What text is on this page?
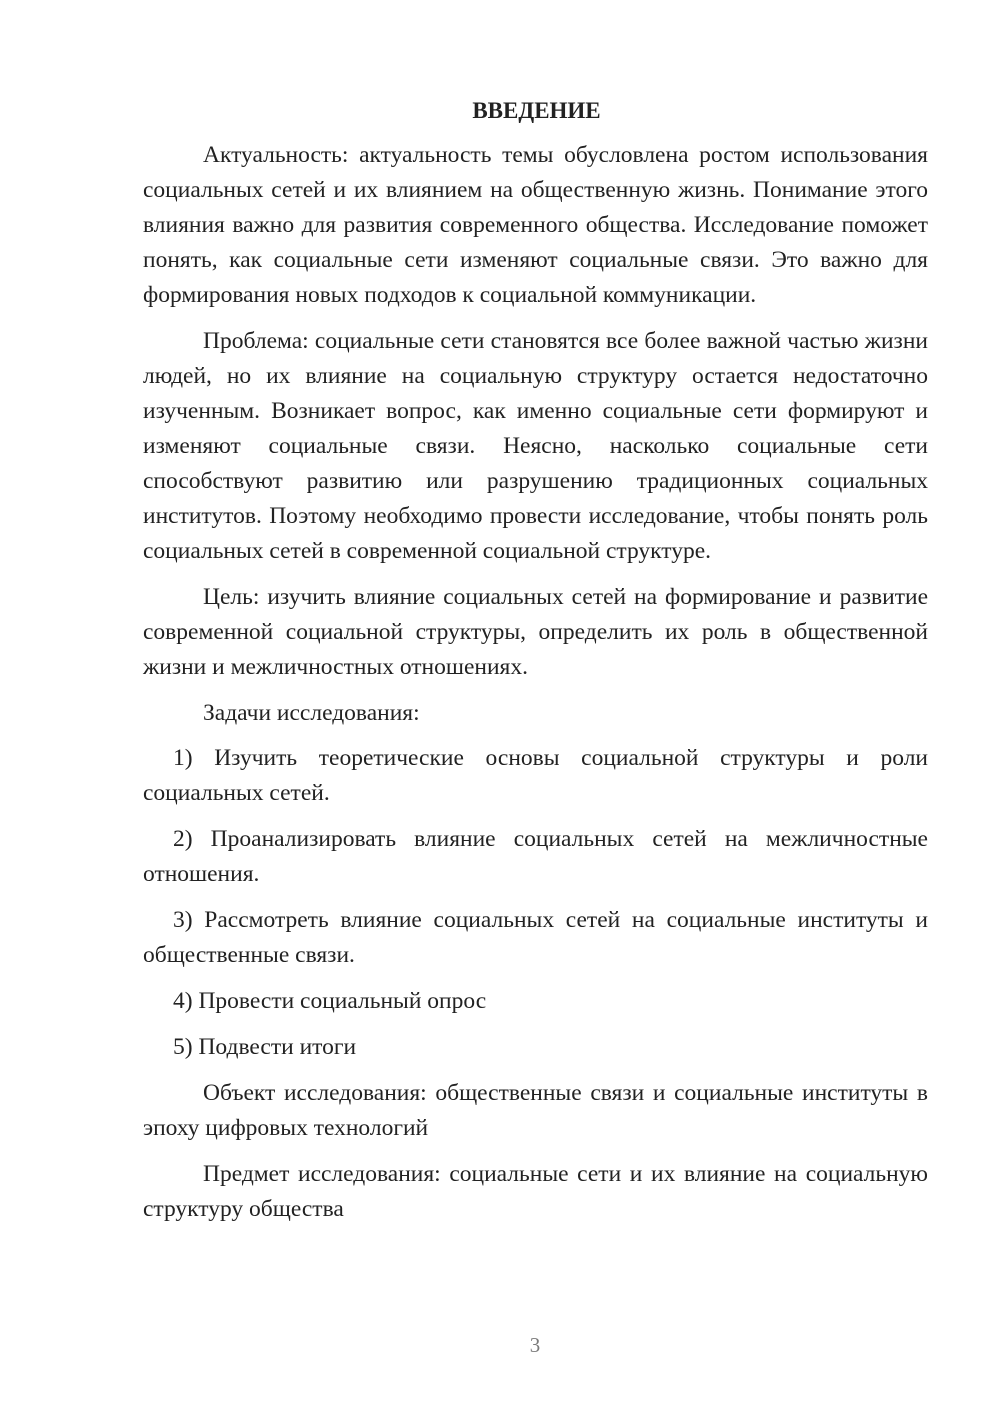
ВВЕДЕНИЕ

Актуальность: актуальность темы обусловлена ростом использования социальных сетей и их влиянием на общественную жизнь. Понимание этого влияния важно для развития современного общества. Исследование поможет понять, как социальные сети изменяют социальные связи. Это важно для формирования новых подходов к социальной коммуникации.

Проблема: социальные сети становятся все более важной частью жизни людей, но их влияние на социальную структуру остается недостаточно изученным. Возникает вопрос, как именно социальные сети формируют и изменяют социальные связи. Неясно, насколько социальные сети способствуют развитию или разрушению традиционных социальных институтов. Поэтому необходимо провести исследование, чтобы понять роль социальных сетей в современной социальной структуре.

Цель: изучить влияние социальных сетей на формирование и развитие современной социальной структуры, определить их роль в общественной жизни и межличностных отношениях.

Задачи исследования:

1) Изучить теоретические основы социальной структуры и роли социальных сетей.

2) Проанализировать влияние социальных сетей на межличностные отношения.

3) Рассмотреть влияние социальных сетей на социальные институты и общественные связи.

4) Провести социальный опрос

5) Подвести итоги

Объект исследования: общественные связи и социальные институты в эпоху цифровых технологий

Предмет исследования: социальные сети и их влияние на социальную структуру общества

3
